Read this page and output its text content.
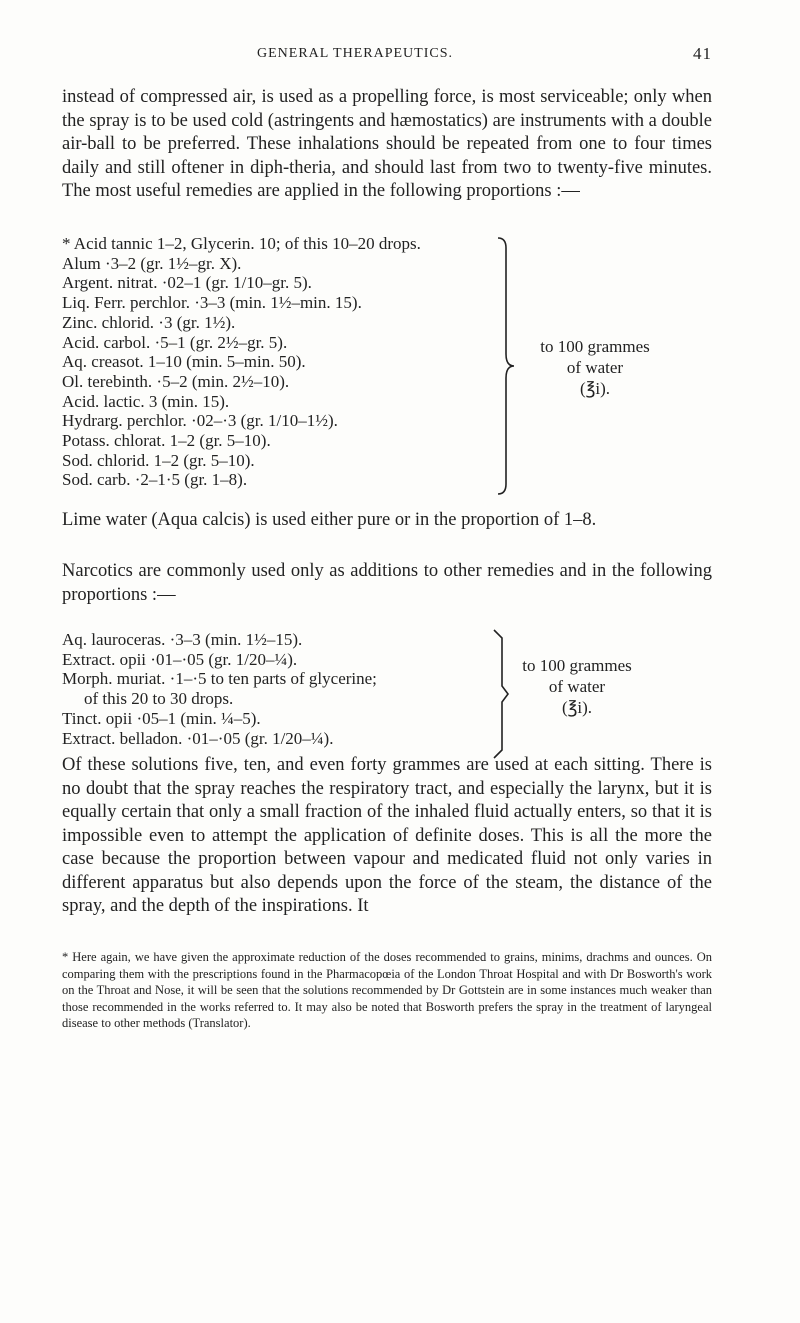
GENERAL THERAPEUTICS.	41
instead of compressed air, is used as a propelling force, is most serviceable; only when the spray is to be used cold (astringents and hæmostatics) are instruments with a double air-ball to be preferred. These inhalations should be repeated from one to four times daily and still oftener in diph-theria, and should last from two to twenty-five minutes. The most useful remedies are applied in the following proportions :—
* Acid tannic 1–2, Glycerin. 10; of this 10–20 drops.
Alum ·3–2 (gr. 1½–gr. X).
Argent. nitrat. ·02–1 (gr. 1/10–gr. 5).
Liq. Ferr. perchlor. ·3–3 (min. 1½–min. 15).
Zinc. chlorid. ·3 (gr. 1½).
Acid. carbol. ·5–1 (gr. 2½–gr. 5).
Aq. creasot. 1–10 (min. 5–min. 50).
Ol. terebinth. ·5–2 (min. 2½–10).
Acid. lactic. 3 (min. 15).
Hydrarg. perchlor. ·02–·3 (gr. 1/10–1½).
Potass. chlorat. 1–2 (gr. 5–10).
Sod. chlorid. 1–2 (gr. 5–10).
Sod. carb. ·2–1·5 (gr. 1–8).
to 100 grammes
of water
(℥i).
Lime water (Aqua calcis) is used either pure or in the proportion of 1–8.
Narcotics are commonly used only as additions to other remedies and in the following proportions :—
Aq. lauroceras. ·3–3 (min. 1½–15).
Extract. opii ·01–·05 (gr. 1/20–¼).
Morph. muriat. ·1–·5 to ten parts of glycerine;
of this 20 to 30 drops.
Tinct. opii ·05–1 (min. ¼–5).
Extract. belladon. ·01–·05 (gr. 1/20–¼).
to 100 grammes
of water
(℥i).
Of these solutions five, ten, and even forty grammes are used at each sitting. There is no doubt that the spray reaches the respiratory tract, and especially the larynx, but it is equally certain that only a small fraction of the inhaled fluid actually enters, so that it is impossible even to attempt the application of definite doses. This is all the more the case because the proportion between vapour and medicated fluid not only varies in different apparatus but also depends upon the force of the steam, the distance of the spray, and the depth of the inspirations. It
* Here again, we have given the approximate reduction of the doses recommended to grains, minims, drachms and ounces. On comparing them with the prescriptions found in the Pharmacopœia of the London Throat Hospital and with Dr Bosworth's work on the Throat and Nose, it will be seen that the solutions recommended by Dr Gottstein are in some instances much weaker than those recommended in the works referred to. It may also be noted that Bosworth prefers the spray in the treatment of laryngeal disease to other methods (Translator).
